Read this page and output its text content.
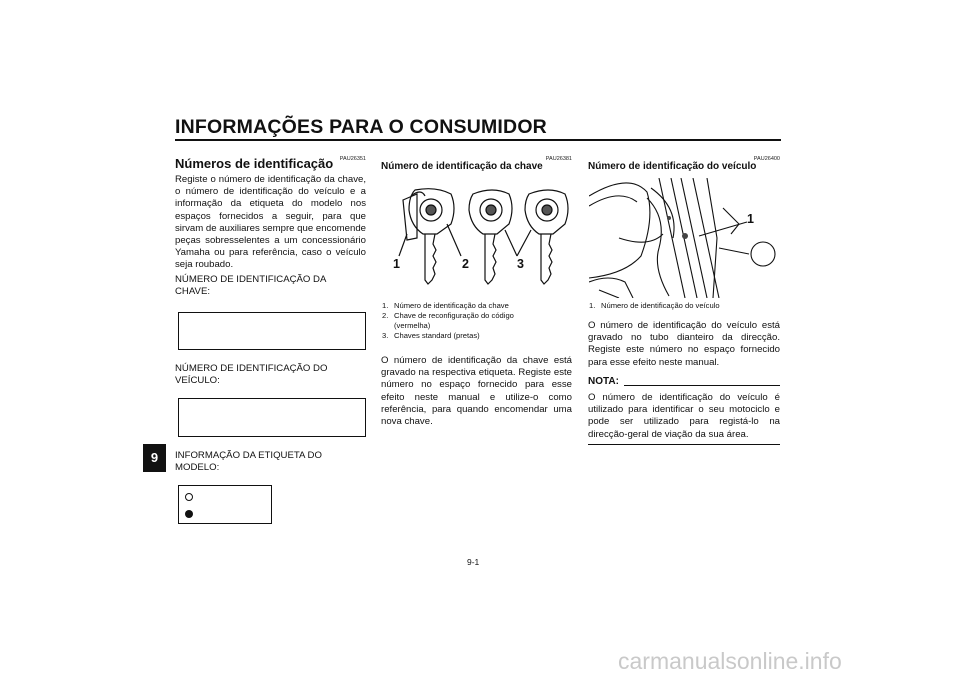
INFORMAÇÕES PARA O CONSUMIDOR
9
PAU26351
Números de identificação
Registe o número de identificação da chave, o número de identificação do veículo e a informação da etiqueta do modelo nos espaços fornecidos a seguir, para que sirvam de auxiliares sempre que encomende peças sobresselentes a um concessionário Yamaha ou para referência, caso o veículo seja roubado.
NÚMERO DE IDENTIFICAÇÃO DA CHAVE:
NÚMERO DE IDENTIFICAÇÃO DO VEÍCULO:
INFORMAÇÃO DA ETIQUETA DO MODELO:
PAU26381
Número de identificação da chave
1	2	3
1. Número de identificação da chave
2. Chave de reconfiguração do código
(vermelha)
3. Chaves standard (pretas)
O número de identificação da chave está gravado na respectiva etiqueta. Registe este número no espaço fornecido para esse efeito neste manual e utilize-o como referência, para quando encomendar uma nova chave.
PAU26400
Número de identificação do veículo
1
1. Número de identificação do veículo
O número de identificação do veículo está gravado no tubo dianteiro da direcção. Registe este número no espaço fornecido para esse efeito neste manual.
NOTA:
O número de identificação do veículo é utilizado para identificar o seu motociclo e pode ser utilizado para registá-lo na direcção-geral de viação da sua área.
9-1
carmanualsonline.info
